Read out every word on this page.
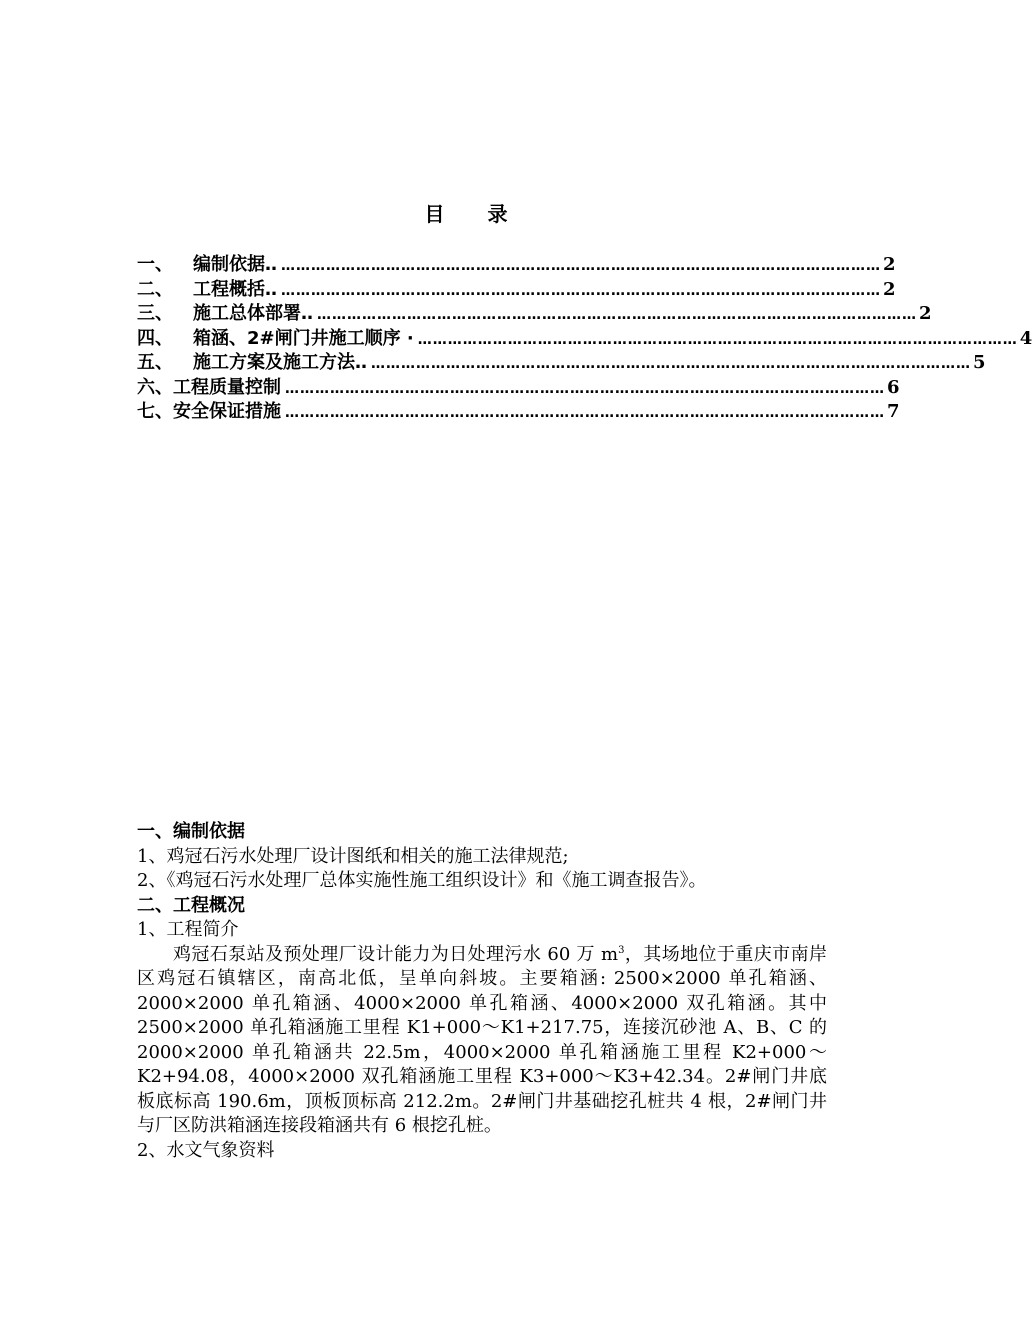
目 录
一、	编制依据‥ ………………………………………………………………………………………………………… 2
二、	工程概括‥ ………………………………………………………………………………………………………… 2
三、	施工总体部署‥ ………………………………………………………………………………………………………… 2
四、	箱涵、2#闸门井施工顺序 · ………………………………………………………………………………………………………… 4
五、	施工方案及施工方法‥ ………………………………………………………………………………………………………… 5
六、 工程质量控制 ………………………………………………………………………………………………………… 6
七、 安全保证措施 ………………………………………………………………………………………………………… 7
一、编制依据
1、鸡冠石污水处理厂设计图纸和相关的施工法律规范;
2、《鸡冠石污水处理厂总体实施性施工组织设计》和《施工调查报告》。
二、工程概况
1、工程简介
鸡冠石泵站及预处理厂设计能力为日处理污水 60 万 $m^3$，其场地位于重庆市南岸区鸡冠石镇辖区，南高北低，呈单向斜坡。主要箱涵: 2500×2000 单孔箱涵、2000×2000 单孔箱涵、4000×2000 单孔箱涵、4000×2000 双孔箱涵。其中 2500×2000 单孔箱涵施工里程 K1+000～K1+217.75，连接沉砂池 A、B、C 的 2000×2000 单孔箱涵共 22.5m，4000×2000 单孔箱涵施工里程 K2+000～K2+94.08，4000×2000 双孔箱涵施工里程 K3+000～K3+42.34。2#闸门井底板底标高 190.6m，顶板顶标高 212.2m。2#闸门井基础挖孔桩共 4 根，2#闸门井与厂区防洪箱涵连接段箱涵共有 6 根挖孔桩。
2、水文气象资料
